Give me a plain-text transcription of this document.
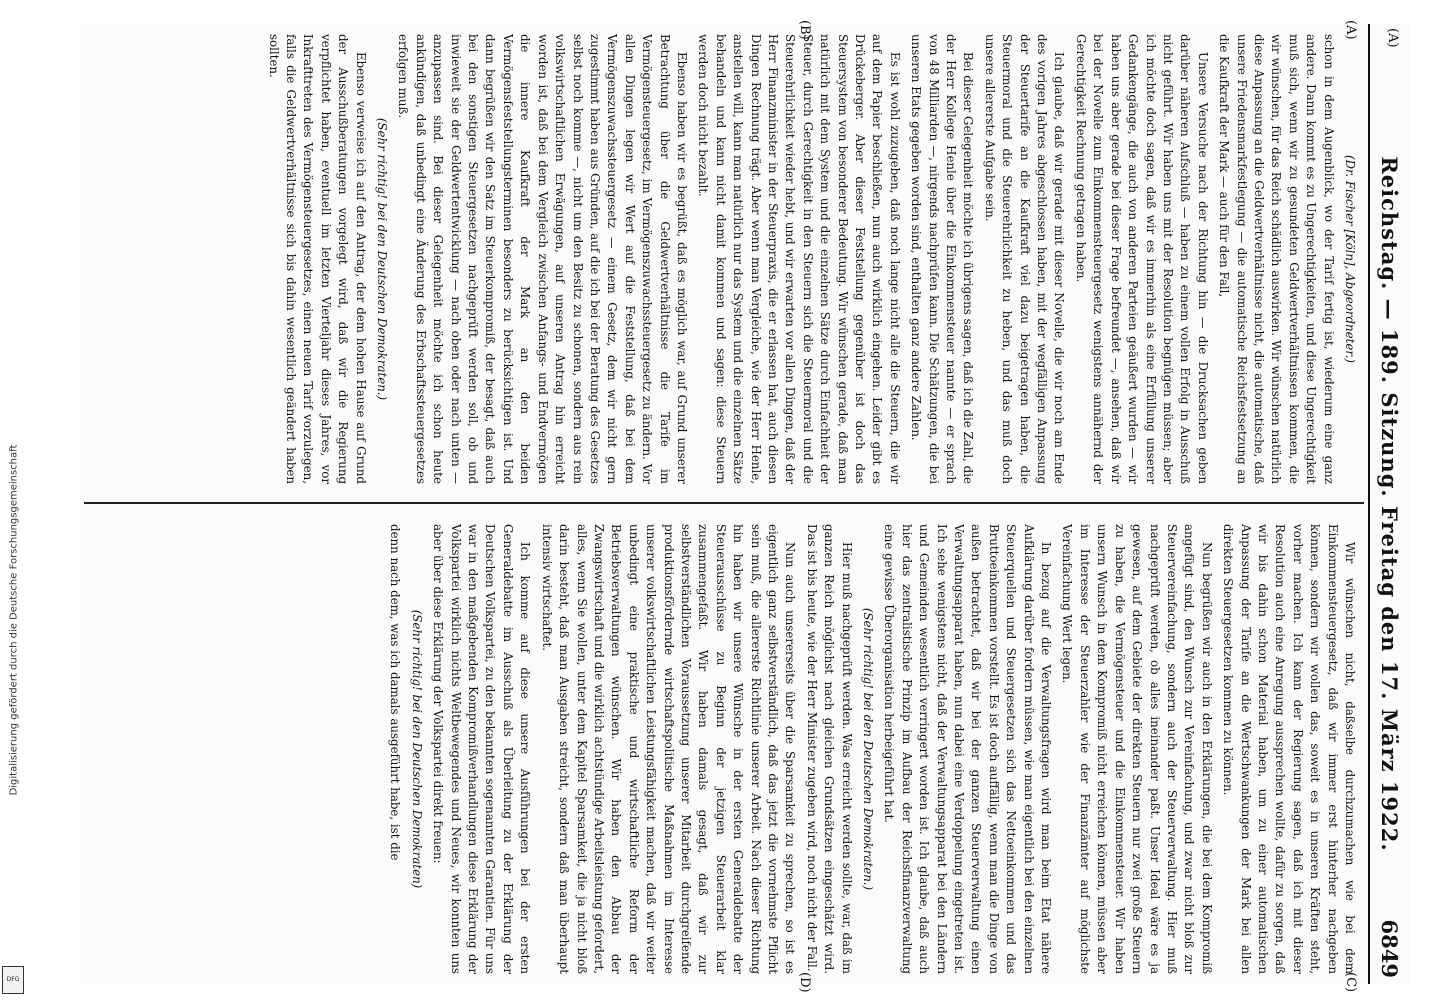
Digitalisierung gefördert durch die Deutsche Forschungsgemeinschaft
DFG
(A)
Reichstag. — 189. Sitzung. Freitag den 17. März 1922.
6849
(A)
(B)
(C)
(D)

(Dr. Fischer [Köln], Abgeordneter.)

schon in dem Augenblick, wo der Tarif fertig ist, wiederum eine ganz andere. Dann kommt es zu Ungerechtigkeiten, und diese Ungerechtigkeit muß sich, wenn wir zu gesundeten Geldwertverhältnissen kommen, die wir wünschen, für das Reich schädlich auswirken. Wir wünschen natürlich diese Anpassung an die Geldwertverhältnisse nicht, die automatische, daß unsere Friedensmarkfestlegung — die automatische Reichsfestsetzung an die Kaufkraft der Mark — auch für den Fall,

Unsere Versuche nach der Richtung hin — die Drucksachen geben darüber näheren Aufschluß — haben zu einem vollen Erfolg in Ausschuß nicht geführt. Wir haben uns mit der Resolution begnügen müssen; aber ich möchte doch sagen, daß wir es immerhin als eine Erfüllung unserer Gedankengänge, die auch von anderen Parteien geäußert wurden — wir haben uns aber gerade bei dieser Frage befreundet —, ansehen, daß wir bei der Novelle zum Einkommensteuergesetz wenigstens annähernd der Gerechtigkeit Rechnung getragen haben.

Ich glaube, daß wir gerade mit dieser Novelle, die wir noch am Ende des vorigen Jahres abgeschlossen haben, mit der wegfälligen Anpassung der Steuertarife an die Kaufkraft viel dazu beigetragen haben, die Steuermoral und die Steuerehrlichkeit zu heben, und das muß doch unsere allererste Aufgabe sein.

Bei dieser Gelegenheit möchte ich übrigens sagen, daß ich die Zahl, die der Herr Kollege Henle über die Einkommensteuer nannte — er sprach von 48 Milliarden —, nirgends nachprüfen kann. Die Schätzungen, die bei unseren Etats gegeben worden sind, enthalten ganz andere Zahlen.

Es ist wohl zuzugeben, daß noch lange nicht alle die Steuern, die wir auf dem Papier beschließen, nun auch wirklich eingehen. Leider gibt es Drückeberger. Aber dieser Feststellung gegenüber ist doch das Steuersystem von besonderer Bedeutung. Wir wünschen gerade, daß man natürlich mit dem System und die einzelnen Sätze durch Einfachheit der Steuer, durch Gerechtigkeit in den Steuern sich die Steuermoral und die Steuerehrlichkeit wieder hebt, und wir erwarten vor allen Dingen, daß der Herr Finanzminister in der Steuerpraxis, die er erlassen hat, auch diesen Dingen Rechnung trägt. Aber wenn man Vergleiche, wie der Herr Henle, anstellen will, kann man natürlich nur das System und die einzelnen Sätze behandeln und kann nicht damit kommen und sagen: diese Steuern werden doch nicht bezahlt.

Ebenso haben wir es begrüßt, daß es möglich war, auf Grund unserer Betrachtung über die Geldwertverhältnisse die Tarife im Vermögensteuergesetz, im Vermögenszuwachssteuergesetz zu ändern. Vor allen Dingen legen wir Wert auf die Feststellung, daß bei dem Vermögenszuwachssteuergesetz — einem Gesetz, dem wir nicht gern zugestimmt haben aus Gründen, auf die ich bei der Beratung des Gesetzes selbst noch komme —, nicht um den Besitz zu schonen, sondern aus rein volkswirtschaftlichen Erwägungen, auf unseren Antrag hin erreicht worden ist, daß bei dem Vergleich zwischen Anfangs- und Endvermögen die innere Kaufkraft der Mark an den beiden Vermögensfeststellungsterminen besonders zu berücksichtigen ist. Und dann begrüßen wir den Satz im Steuerkompromiß, der besagt, daß auch bei den sonstigen Steuergesetzen nachgeprüft werden soll, ob und inwieweit sie der Geldwertentwicklung — nach oben oder nach unten — anzupassen sind. Bei dieser Gelegenheit möchte ich schon heute ankündigen, daß unbedingt eine Änderung des Erbschaftssteuergesetzes erfolgen muß.

(Sehr richtig! bei den Deutschen Demokraten.)

Ebenso verweise ich auf den Antrag, der dem hohen Hause auf Grund der Ausschußberatungen vorgelegt wird, daß wir die Regierung verpflichtet haben, eventuell im letzten Vierteljahr dieses Jahres, vor Inkrafttreten des Vermögensteuergesetzes, einen neuen Tarif vorzulegen, falls die Geldwertverhältnisse sich bis dahin wesentlich geändert haben sollten.

Wir wünschen nicht, daßselbe durchzumachen wie bei dem Einkommensteuergesetz, daß wir immer erst hinterher nachgeben können, sondern wir wollen das, soweit es in unseren Kräften steht, vorher machen. Ich kann der Regierung sagen, daß ich mit dieser Resolution auch eine Anregung aussprechen wollte, dafür zu sorgen, daß wir bis dahin schon Material haben, um zu einer automatischen Anpassung der Tarife an die Wertschwankungen der Mark bei allen direkten Steuergesetzen kommen zu können.

Nun begrüßen wir auch in den Erklärungen, die bei dem Kompromiß angefügt sind, den Wunsch zur Vereinfachung, und zwar nicht bloß zur Steuervereinfachung, sondern auch der Steuerverwaltung. Hier muß nachgeprüft werden, ob alles ineinander paßt. Unser Ideal wäre es ja gewesen, auf dem Gebiete der direkten Steuern nur zwei große Steuern zu haben, die Vermögensteuer und die Einkommensteuer. Wir haben unsern Wunsch in dem Kompromiß nicht erreichen können, müssen aber im Interesse der Steuerzahler wie der Finanzämter auf möglichste Vereinfachung Wert legen.

In bezug auf die Verwaltungsfragen wird man beim Etat nähere Aufklärung darüber fordern müssen, wie man eigentlich bei den einzelnen Steuerquellen und Steuergesetzen sich das Nettoeinkommen und das Bruttoeinkommen vorstellt. Es ist doch auffällig, wenn man die Dinge von außen betrachtet, daß wir bei der ganzen Steuerverwaltung einen Verwaltungsapparat haben, nun dabei eine Verdoppelung eingetreten ist. Ich sehe wenigstens nicht, daß der Verwaltungsapparat bei den Ländern und Gemeinden wesentlich verringert worden ist. Ich glaube, daß auch hier das zentralistische Prinzip im Aufbau der Reichsfinanzverwaltung eine gewisse Überorganisation herbeigeführt hat.

(Sehr richtig! bei den Deutschen Demokraten.)

Hier muß nachgeprüft werden. Was erreicht werden sollte, war, daß im ganzen Reich möglichst nach gleichen Grundsätzen eingeschätzt wird. Das ist bis heute, wie der Herr Minister zugeben wird, noch nicht der Fall.

Nun auch unsererseits über die Sparsamkeit zu sprechen, so ist es eigentlich ganz selbstverständlich, daß das jetzt die vornehmste Pflicht sein muß, die allererste Richtlinie unserer Arbeit. Nach dieser Richtung hin haben wir unsere Wünsche in der ersten Generaldebatte der Steuerausschüsse zu Beginn der jetzigen Steuerarbeit klar zusammengefaßt. Wir haben damals gesagt, daß wir zur selbstverständlichen Voraussetzung unserer Mitarbeit durchgreifende produktionsfördernde wirtschaftspolitische Maßnahmen im Interesse unserer volkswirtschaftlichen Leistungsfähigkeit machen, daß wir weiter unbedingt eine praktische und wirtschaftliche Reform der Betriebsverwaltungen wünschen. Wir haben den Abbau der Zwangswirtschaft und die wirklich achtstündige Arbeitsleistung gefordert, alles, wenn Sie wollen, unter dem Kapitel Sparsamkeit, die ja nicht bloß darin besteht, daß man Ausgaben streicht, sondern daß man überhaupt intensiv wirtschaftet.

Ich komme auf diese unsere Ausführungen bei der ersten Generaldebatte im Ausschuß als Überleitung zu der Erklärung der Deutschen Volkspartei, zu den bekannten sogenannten Garantien. Für uns war in den maßgebenden Kompromißverhandlungen diese Erklärung der Volkspartei wirklich nichts Weltbewegendes und Neues, wir konnten uns aber über diese Erklärung der Volkspartei direkt freuen:

(Sehr richtig! bei den Deutschen Demokraten)

denn nach dem, was ich damals ausgeführt habe, ist die
